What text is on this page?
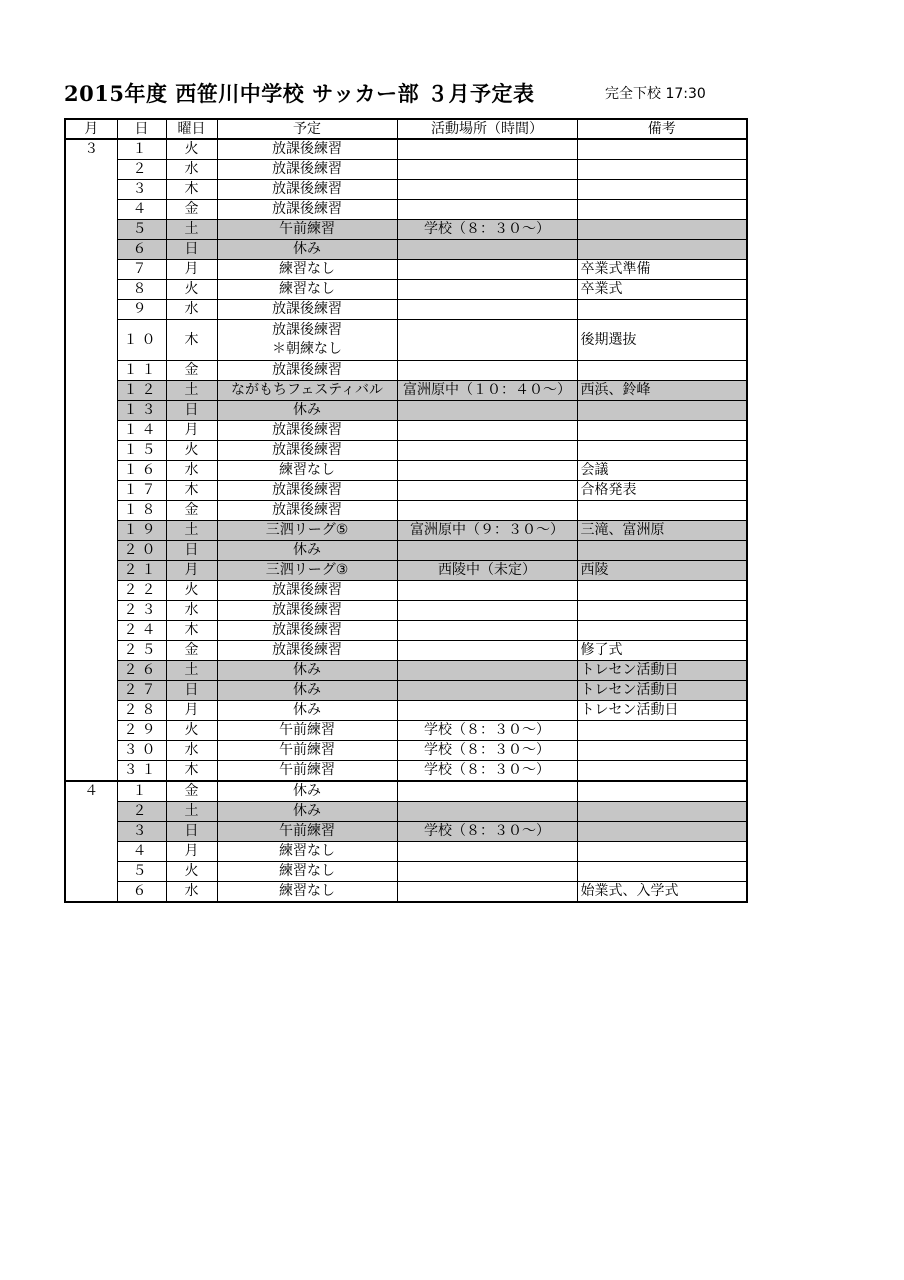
2015年度 西笹川中学校 サッカー部 ３月予定表	完全下校 17:30
月	日	曜日	予定	活動場所（時間）	備考
３	１	火	放課後練習		

	２	水	放課後練習		

	３	木	放課後練習		

	４	金	放課後練習		

	５	土	午前練習	学校（８：３０～）	
	６	日	休み		

	７	月	練習なし		卒業式準備
	８	火	練習なし		卒業式
	９	水	放課後練習		

	１０	木	放課後練習
＊朝練なし		後期選抜
	１１	金	放課後練習		

	１２	土	ながもちフェスティバル	富洲原中（１０：４０～）	西浜、鈴峰
	１３	日	休み		

	１４	月	放課後練習		

	１５	火	放課後練習		

	１６	水	練習なし		会議
	１７	木	放課後練習		合格発表
	１８	金	放課後練習		

	１９	土	三泗リーグ⑤	富洲原中（９：３０～）	三滝、富洲原
	２０	日	休み		

	２１	月	三泗リーグ③	西陵中（未定）	西陵
	２２	火	放課後練習		

	２３	水	放課後練習		

	２４	木	放課後練習		

	２５	金	放課後練習		修了式
	２６	土	休み		トレセン活動日
	２７	日	休み		トレセン活動日
	２８	月	休み		トレセン活動日
	２９	火	午前練習	学校（８：３０～）	
	３０	水	午前練習	学校（８：３０～）	
	３１	木	午前練習	学校（８：３０～）	
４	１	金	休み		

	２	土	休み		

	３	日	午前練習	学校（８：３０～）	
	４	月	練習なし		

	５	火	練習なし		

	６	水	練習なし		始業式、入学式
